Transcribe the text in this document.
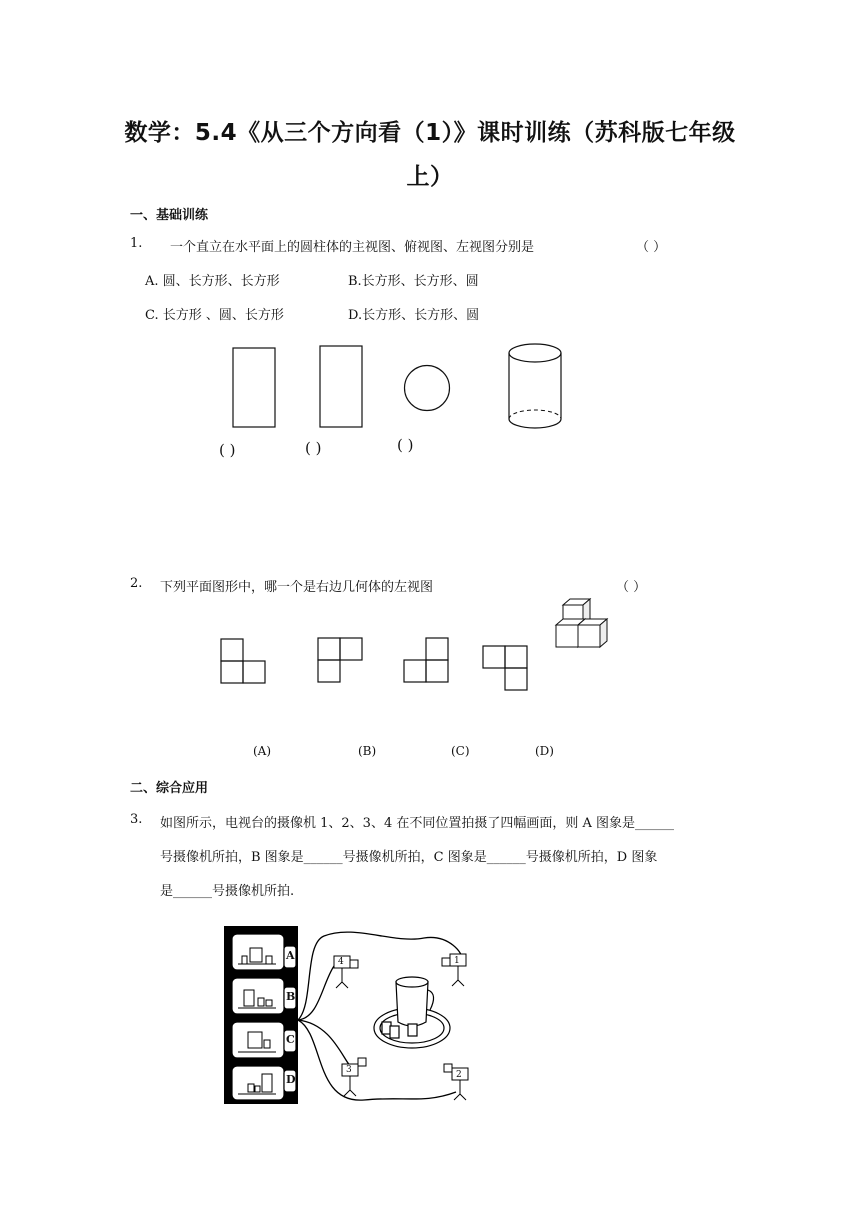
数学：5.4《从三个方向看（1）》课时训练（苏科版七年级
上）
一、基础训练
1. 一个直立在水平面上的圆柱体的主视图、俯视图、左视图分别是	（ ）
A. 圆、长方形、长方形	B.长方形、长方形、圆
C. 长方形 、圆、长方形	D.长方形、长方形、圆
( )	( )	( )
2. 下列平面图形中，哪一个是右边几何体的左视图	（ ）
(A)	(B)	(C)	(D)
二、综合应用
3. 如图所示，电视台的摄像机 1、2、3、4 在不同位置拍摄了四幅画面，则 A 图象是______
号摄像机所拍，B 图象是______号摄像机所拍，C 图象是______号摄像机所拍，D 图象
是______号摄像机所拍.
A
B
C
D
4	1
3	2
